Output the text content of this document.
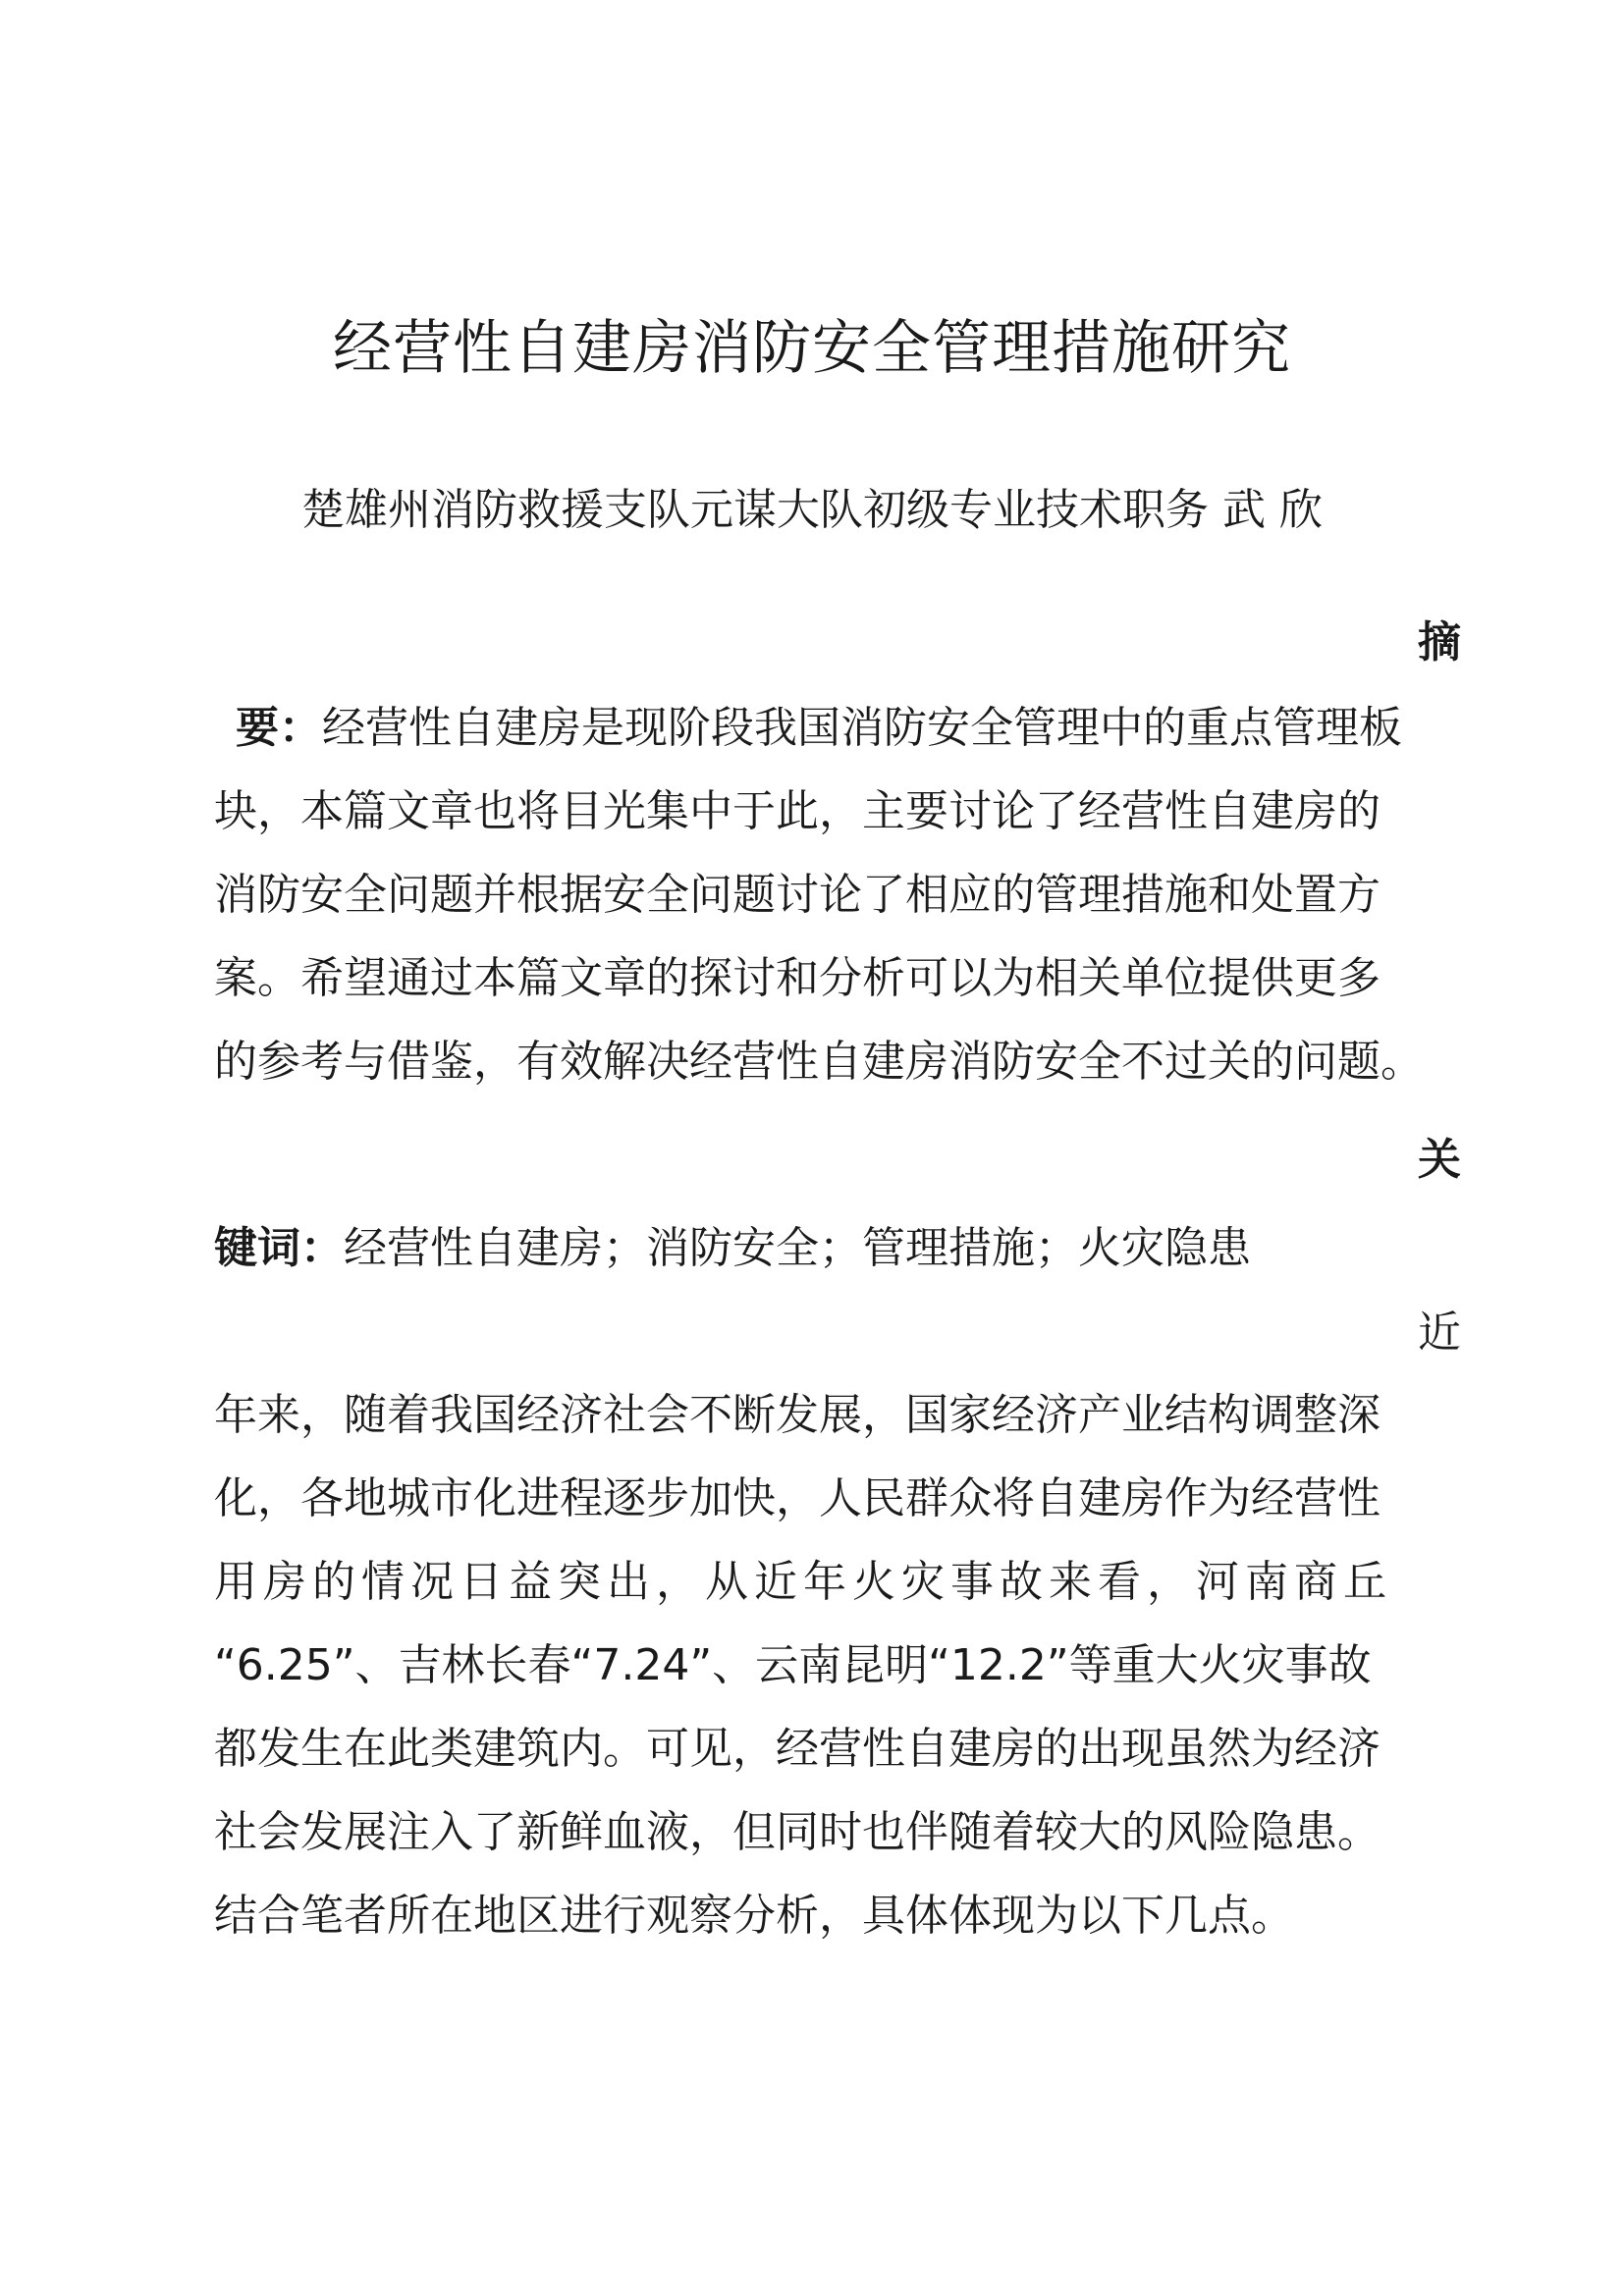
经营性自建房消防安全管理措施研究
楚雄州消防救援支队元谋大队初级专业技术职务 武 欣
摘
要：经营性自建房是现阶段我国消防安全管理中的重点管理板
块，本篇文章也将目光集中于此，主要讨论了经营性自建房的
消防安全问题并根据安全问题讨论了相应的管理措施和处置方
案。希望通过本篇文章的探讨和分析可以为相关单位提供更多
的参考与借鉴，有效解决经营性自建房消防安全不过关的问题。
关
键词：经营性自建房；消防安全；管理措施；火灾隐患
近
年来，随着我国经济社会不断发展，国家经济产业结构调整深
化，各地城市化进程逐步加快，人民群众将自建房作为经营性
用房的情况日益突出，从近年火灾事故来看，河南商丘
“6.25”、吉林长春“7.24”、云南昆明“12.2”等重大火灾事故
都发生在此类建筑内。可见，经营性自建房的出现虽然为经济
社会发展注入了新鲜血液，但同时也伴随着较大的风险隐患。
结合笔者所在地区进行观察分析，具体体现为以下几点。
